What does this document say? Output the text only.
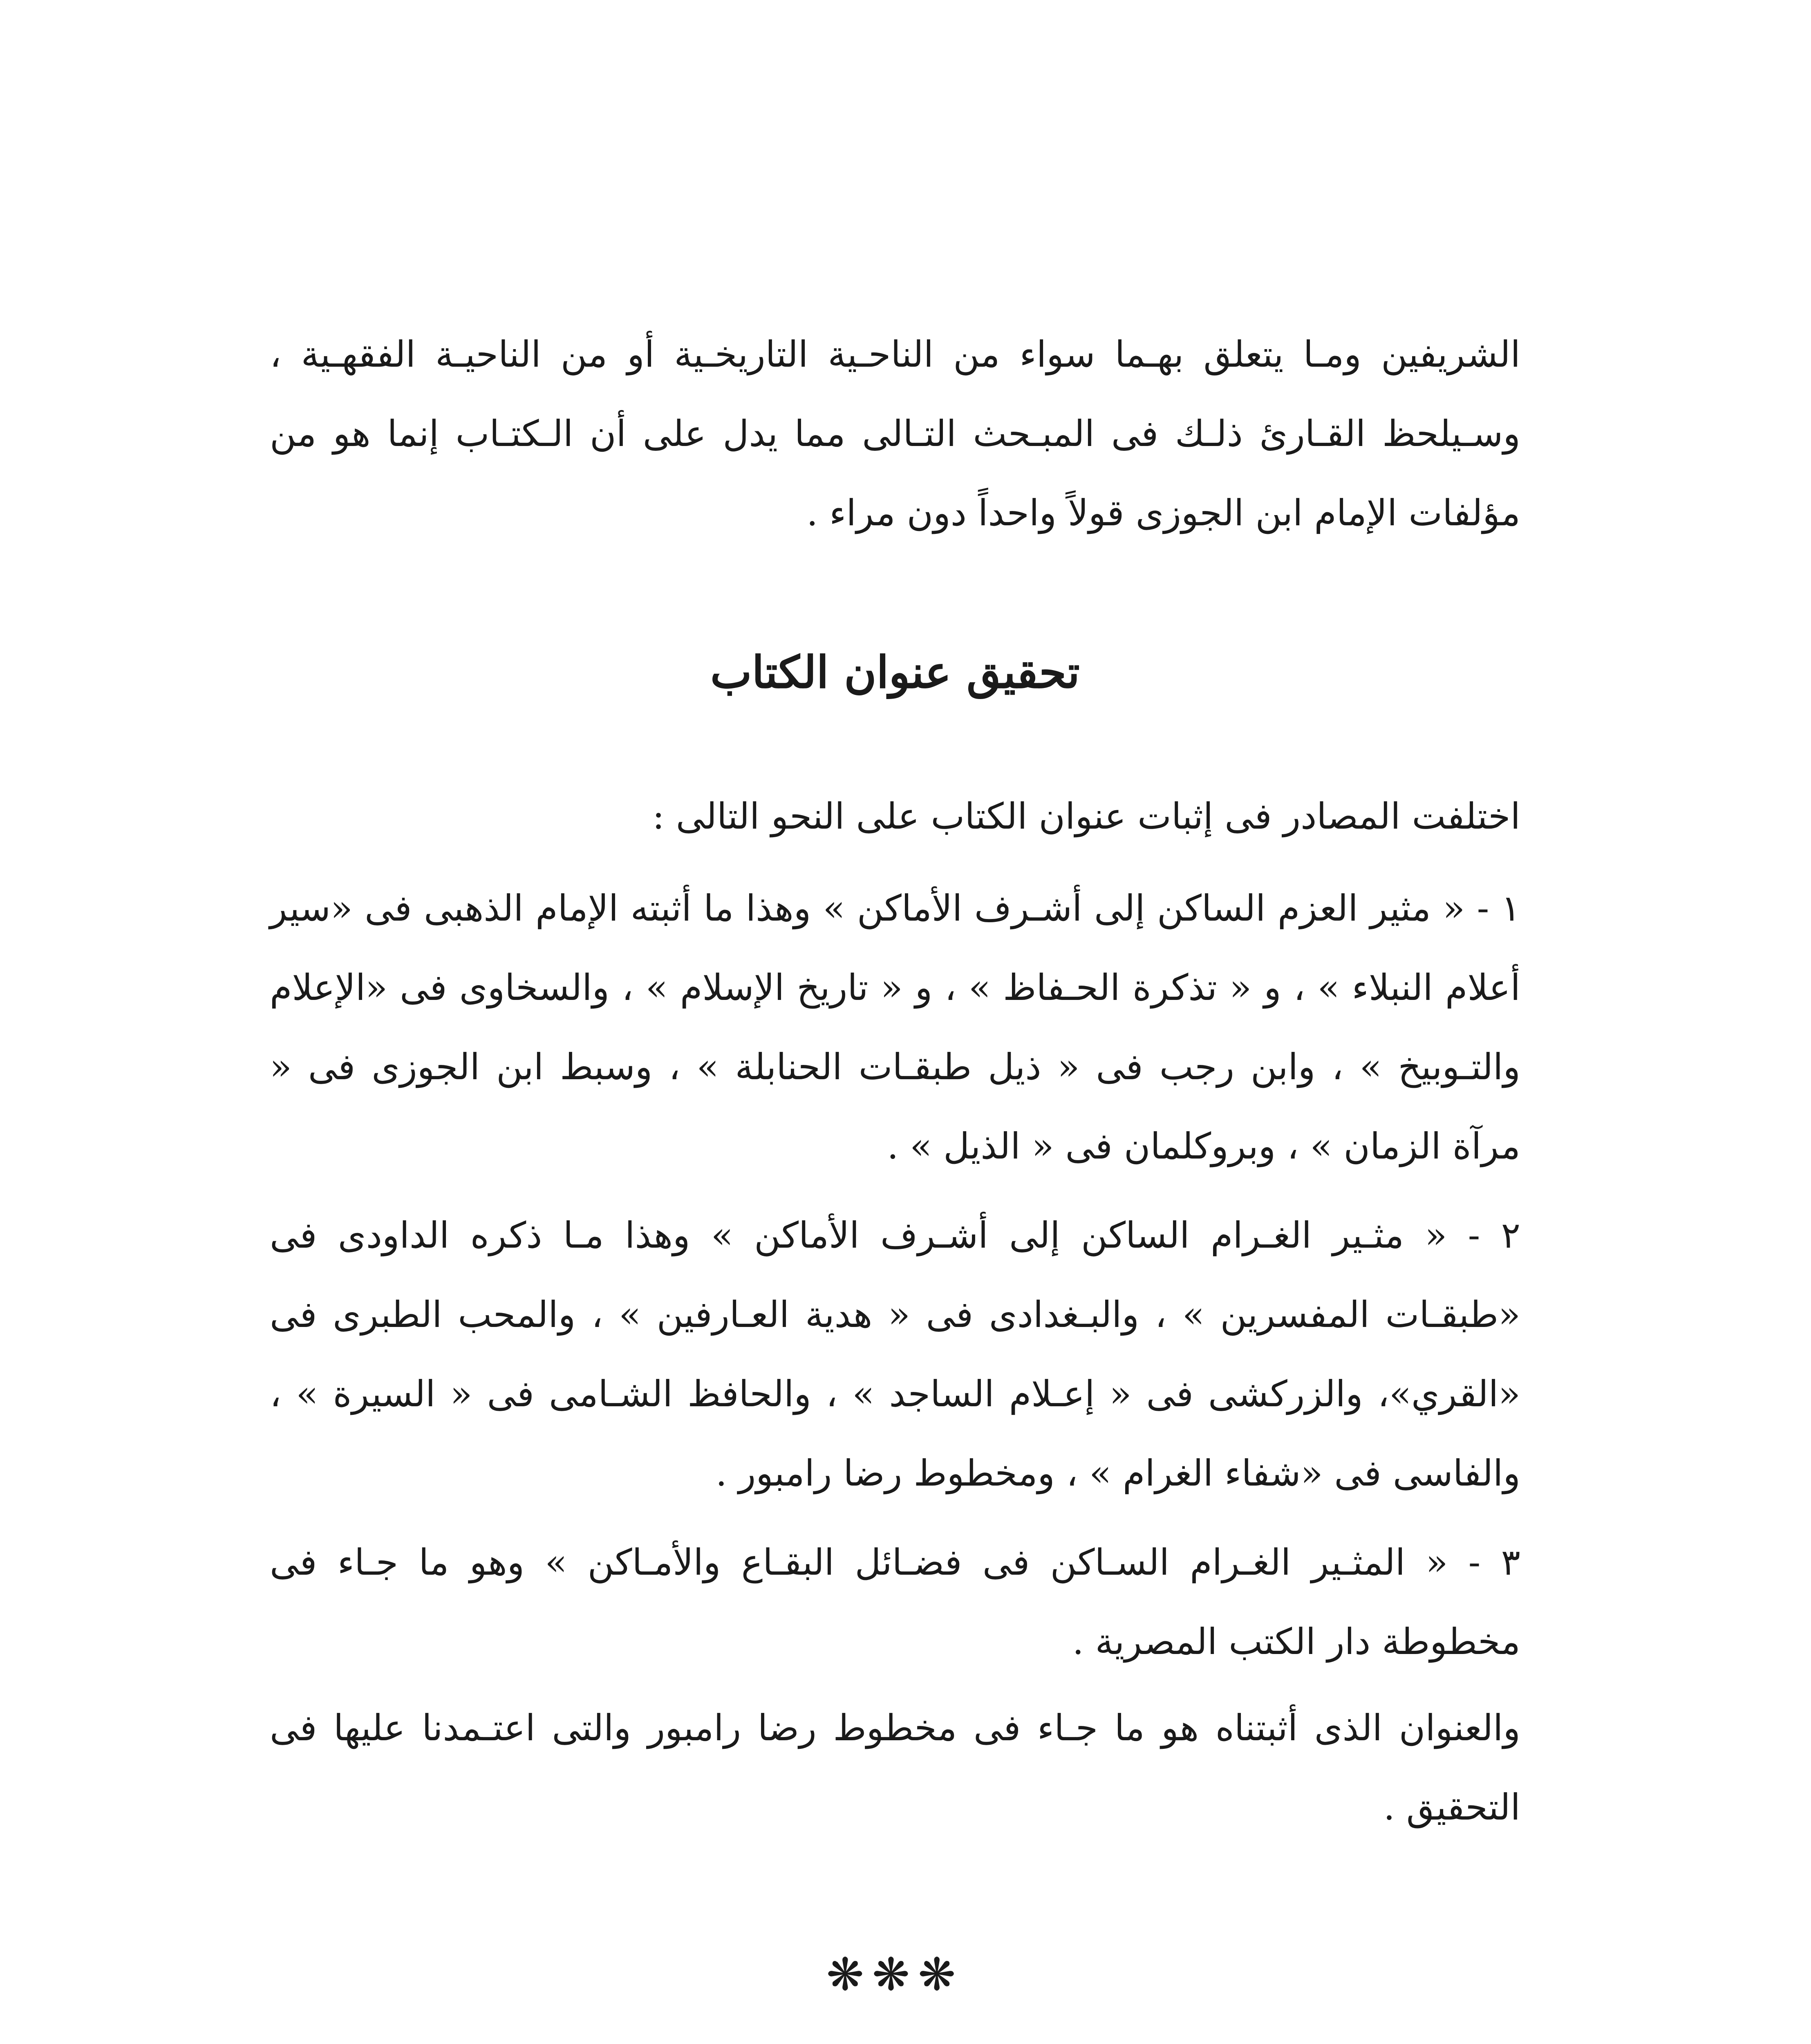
الشريفين ومـا يتعلق بهـما سواء من الناحـية التاريخـية أو من الناحيـة الفقهـية ، وسـيلحظ القـارئ ذلـك فى المبـحث التـالى مما يدل على أن الـكتـاب إنما هو من مؤلفات الإمام ابن الجوزى قولاً واحداً دون مراء .

تحقيق عنوان الكتاب

اختلفت المصادر فى إثبات عنوان الكتاب على النحو التالى :

١ - « مثير العزم الساكن إلى أشـرف الأماكن » وهذا ما أثبته الإمام الذهبى فى «سير أعلام النبلاء » ، و « تذكرة الحـفاظ » ، و « تاريخ الإسلام » ، والسخاوى فى «الإعلام والتـوبيخ » ، وابن رجب فى « ذيل طبقـات الحنابلة » ، وسبط ابن الجوزى فى « مرآة الزمان » ، وبروكلمان فى « الذيل » .

٢ - « مثـير الغـرام الساكن إلى أشـرف الأماكن » وهذا مـا ذكره الداودى فى «طبقـات المفسرين » ، والبـغدادى فى « هدية العـارفين » ، والمحب الطبرى فى «القري»، والزركشى فى « إعـلام الساجد » ، والحافظ الشـامى فى « السيرة » ، والفاسى فى «شفاء الغرام » ، ومخطوط رضا رامبور .

٣ - « المثـير الغـرام السـاكن فى فضـائل البقـاع والأمـاكن » وهو ما جـاء فى مخطوطة دار الكتب المصرية .

والعنوان الذى أثبتناه هو ما جـاء فى مخطوط رضا رامبور والتى اعتـمدنا عليها فى التحقيق .

❋❋❋
